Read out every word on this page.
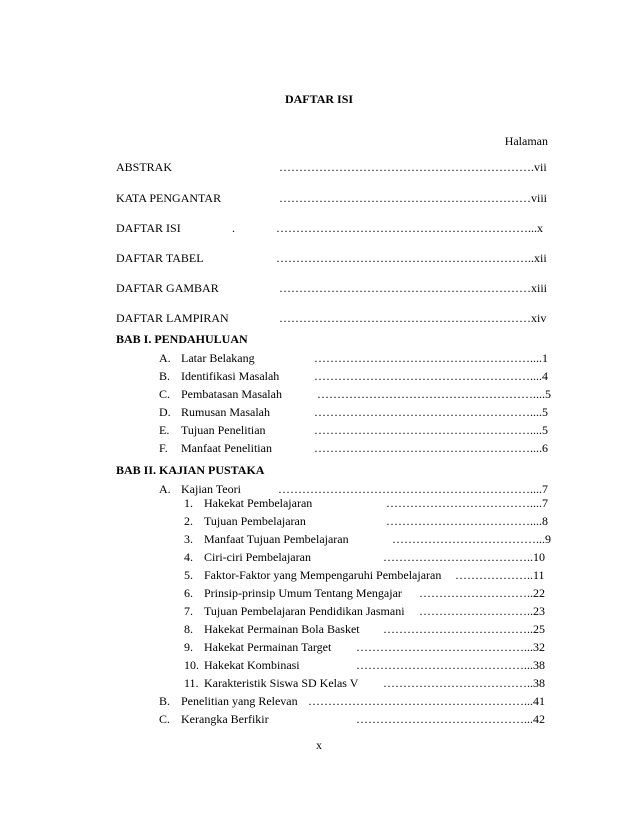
DAFTAR ISI
Halaman
ABSTRAK	……………………………………………………… .vii
KATA PENGANTAR	……………………………………………………… viii
DAFTAR ISI	.	………………………………………………………. ..x
DAFTAR TABEL	………………………………………………………. .xii
DAFTAR GAMBAR	……………………………………………………… xiii
DAFTAR LAMPIRAN	……………………………………………………… xiv
BAB I. PENDAHULUAN
A. Latar Belakang	……………………………………………….. ..1
B. Identifikasi Masalah	……………………………………………….. ..4
C. Pembatasan Masalah	………………………………………………. ...5
D. Rumusan Masalah	……………………………………………….. ..5
E. Tujuan Penelitian	……………………………………………….. ..5
F. Manfaat Penelitian	……………………………………………….. ..6
BAB II. KAJIAN PUSTAKA
A. Kajian Teori	……………………………………………………….. ..7
1. Hakekat Pembelajaran	……………………………….. ..7
2. Tujuan Pembelajaran	……………………………….. ..8
3. Manfaat Tujuan Pembelajaran	……………………………… ...9
4. Ciri-ciri Pembelajaran	………………………………. .10
5. Faktor-Faktor yang Mempengaruhi Pembelajaran	………………. .11
6. Prinsip-prinsip Umum Tentang Mengajar ………………………. .22
7. Tujuan Pembelajaran Pendidikan Jasmani ………………………. .23
8. Hakekat Permainan Bola Basket ………………………………. .25
9. Hakekat Permainan Target	…………………………………….. .32
10. Hakekat Kombinasi	…………………………………….. .38
11. Karakteristik Siswa SD Kelas V ………………………………. .38
B. Penelitian yang Relevan ……………………………………………….. .41
C. Kerangka Berfikir	…………………………………….. .42
x
